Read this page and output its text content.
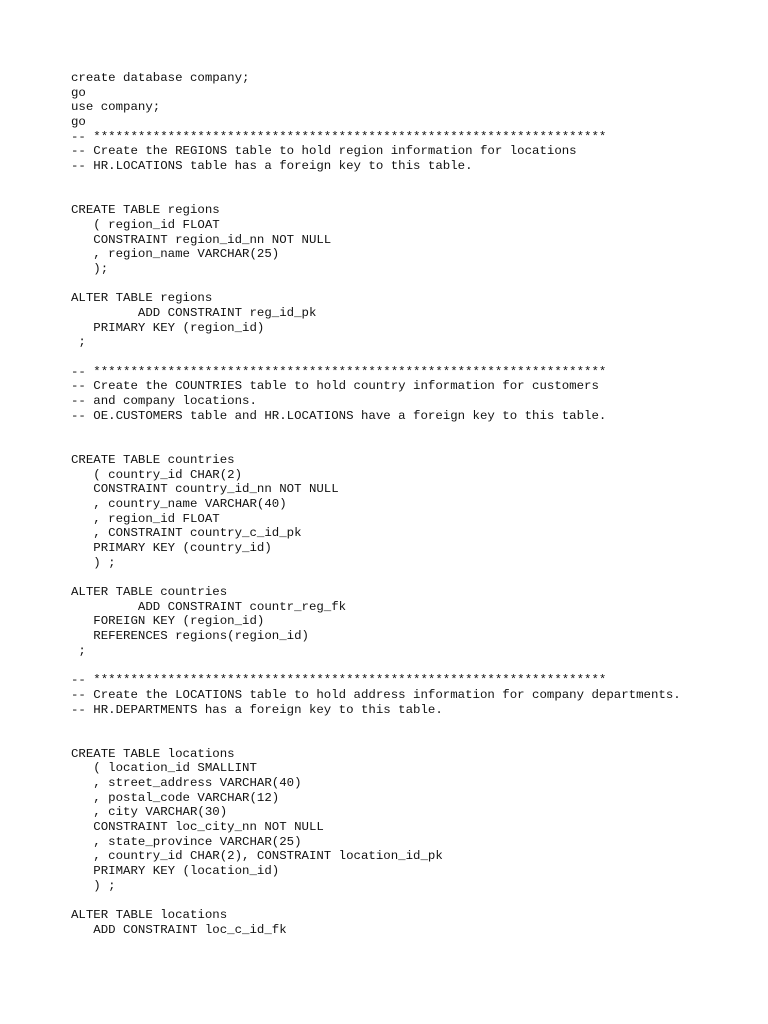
create database company;
go
use company;
go
-- *********************************************************************
-- Create the REGIONS table to hold region information for locations
-- HR.LOCATIONS table has a foreign key to this table.
CREATE TABLE regions
( region_id FLOAT
CONSTRAINT region_id_nn NOT NULL
, region_name VARCHAR(25)
);
ALTER TABLE regions
ADD CONSTRAINT reg_id_pk
PRIMARY KEY (region_id)
;
-- *********************************************************************
-- Create the COUNTRIES table to hold country information for customers
-- and company locations.
-- OE.CUSTOMERS table and HR.LOCATIONS have a foreign key to this table.
CREATE TABLE countries
( country_id CHAR(2)
CONSTRAINT country_id_nn NOT NULL
, country_name VARCHAR(40)
, region_id FLOAT
, CONSTRAINT country_c_id_pk
PRIMARY KEY (country_id)
) ;
ALTER TABLE countries
ADD CONSTRAINT countr_reg_fk
FOREIGN KEY (region_id)
REFERENCES regions(region_id)
;
-- *********************************************************************
-- Create the LOCATIONS table to hold address information for company departments.
-- HR.DEPARTMENTS has a foreign key to this table.
CREATE TABLE locations
( location_id SMALLINT
, street_address VARCHAR(40)
, postal_code VARCHAR(12)
, city VARCHAR(30)
CONSTRAINT loc_city_nn NOT NULL
, state_province VARCHAR(25)
, country_id CHAR(2), CONSTRAINT location_id_pk
PRIMARY KEY (location_id)
) ;
ALTER TABLE locations
ADD CONSTRAINT loc_c_id_fk
